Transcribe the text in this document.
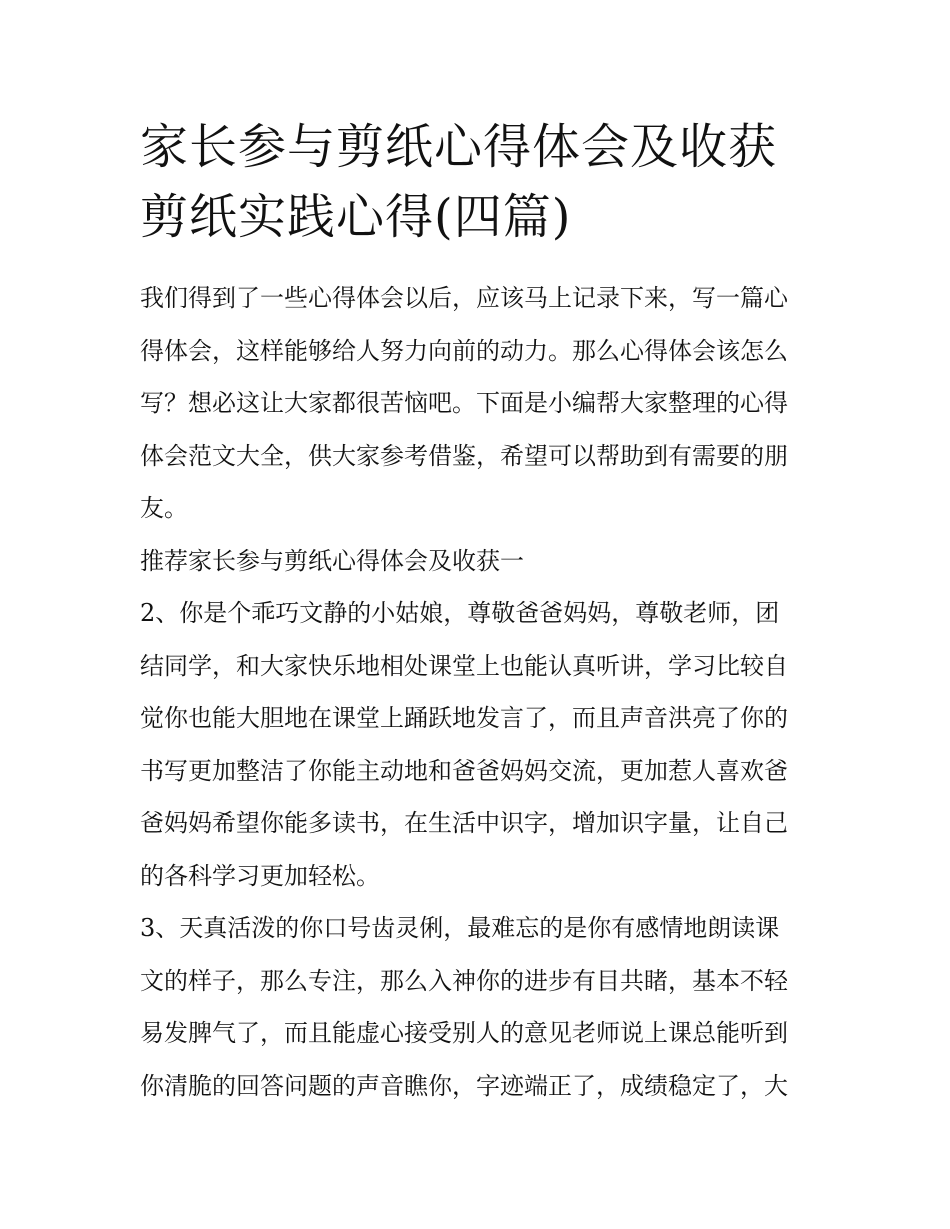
家长参与剪纸心得体会及收获
剪纸实践心得(四篇)
我们得到了一些心得体会以后，应该马上记录下来，写一篇心
得体会，这样能够给人努力向前的动力。那么心得体会该怎么
写？想必这让大家都很苦恼吧。下面是小编帮大家整理的心得
体会范文大全，供大家参考借鉴，希望可以帮助到有需要的朋
友。
推荐家长参与剪纸心得体会及收获一
2、你是个乖巧文静的小姑娘，尊敬爸爸妈妈，尊敬老师，团
结同学，和大家快乐地相处课堂上也能认真听讲，学习比较自
觉你也能大胆地在课堂上踊跃地发言了，而且声音洪亮了你的
书写更加整洁了你能主动地和爸爸妈妈交流，更加惹人喜欢爸
爸妈妈希望你能多读书，在生活中识字，增加识字量，让自己
的各科学习更加轻松。
3、天真活泼的你口号齿灵俐，最难忘的是你有感情地朗读课
文的样子，那么专注，那么入神你的进步有目共睹，基本不轻
易发脾气了，而且能虚心接受别人的意见老师说上课总能听到
你清脆的回答问题的声音瞧你，字迹端正了，成绩稳定了，大
